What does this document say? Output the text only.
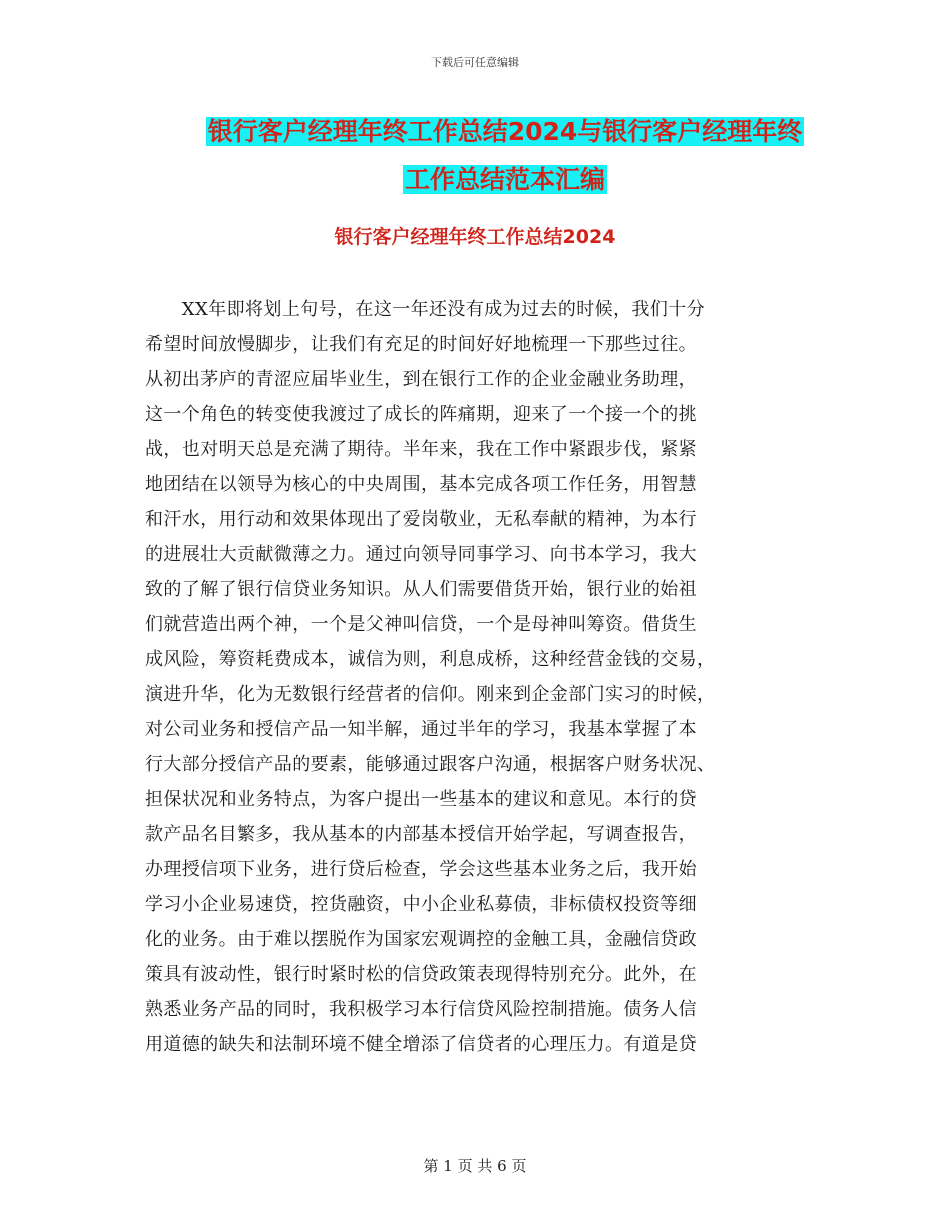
下载后可任意编辑
银行客户经理年终工作总结2024与银行客户经理年终
工作总结范本汇编
银行客户经理年终工作总结2024
　　XX年即将划上句号，在这一年还没有成为过去的时候，我们十分
希望时间放慢脚步，让我们有充足的时间好好地梳理一下那些过往。
从初出茅庐的青涩应届毕业生，到在银行工作的企业金融业务助理，
这一个角色的转变使我渡过了成长的阵痛期，迎来了一个接一个的挑
战，也对明天总是充满了期待。半年来，我在工作中紧跟步伐，紧紧
地团结在以领导为核心的中央周围，基本完成各项工作任务，用智慧
和汗水，用行动和效果体现出了爱岗敬业，无私奉献的精神，为本行
的进展壮大贡献微薄之力。通过向领导同事学习、向书本学习，我大
致的了解了银行信贷业务知识。从人们需要借货开始，银行业的始祖
们就营造出两个神，一个是父神叫信贷，一个是母神叫筹资。借货生
成风险，筹资耗费成本，诚信为则，利息成桥，这种经营金钱的交易，
演进升华，化为无数银行经营者的信仰。刚来到企金部门实习的时候，
对公司业务和授信产品一知半解，通过半年的学习，我基本掌握了本
行大部分授信产品的要素，能够通过跟客户沟通，根据客户财务状况、
担保状况和业务特点，为客户提出一些基本的建议和意见。本行的贷
款产品名目繁多，我从基本的内部基本授信开始学起，写调查报告，
办理授信项下业务，进行贷后检查，学会这些基本业务之后，我开始
学习小企业易速贷，控货融资，中小企业私募债，非标债权投资等细
化的业务。由于难以摆脱作为国家宏观调控的金触工具，金融信贷政
策具有波动性，银行时紧时松的信贷政策表现得特别充分。此外，在
熟悉业务产品的同时，我积极学习本行信贷风险控制措施。债务人信
用道德的缺失和法制环境不健全增添了信贷者的心理压力。有道是贷
第 1 页 共 6 页
